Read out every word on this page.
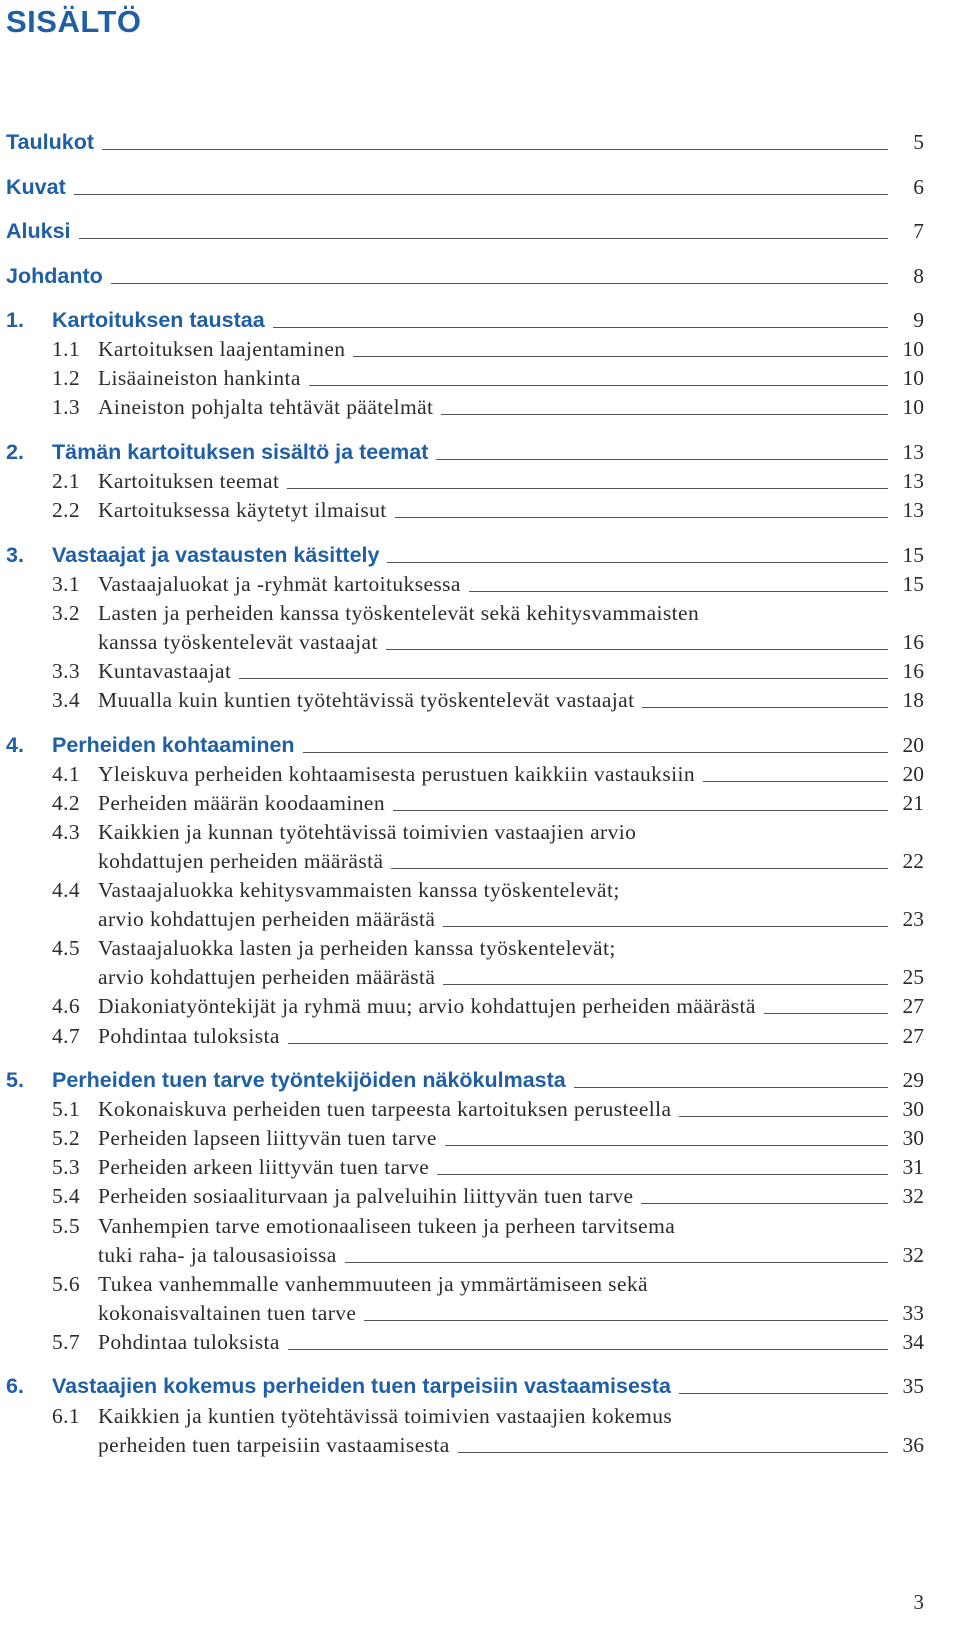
SISÄLTÖ
Taulukot	5
Kuvat	6
Aluksi	7
Johdanto	8
1. Kartoituksen taustaa	9
1.1 Kartoituksen laajentaminen	10
1.2 Lisäaineiston hankinta	10
1.3 Aineiston pohjalta tehtävät päätelmät	10
2. Tämän kartoituksen sisältö ja teemat	13
2.1 Kartoituksen teemat	13
2.2 Kartoituksessa käytetyt ilmaisut	13
3. Vastaajat ja vastausten käsittely	15
3.1 Vastaajaluokat ja -ryhmät kartoituksessa	15
3.2 Lasten ja perheiden kanssa työskentelevät sekä kehitysvammaisten
kanssa työskentelevät vastaajat	16
3.3 Kuntavastaajat	16
3.4 Muualla kuin kuntien työtehtävissä työskentelevät vastaajat	18
4. Perheiden kohtaaminen	20
4.1 Yleiskuva perheiden kohtaamisesta perustuen kaikkiin vastauksiin	20
4.2 Perheiden määrän koodaaminen	21
4.3 Kaikkien ja kunnan työtehtävissä toimivien vastaajien arvio
kohdattujen perheiden määrästä	22
4.4 Vastaajaluokka kehitysvammaisten kanssa työskentelevät;
arvio kohdattujen perheiden määrästä	23
4.5 Vastaajaluokka lasten ja perheiden kanssa työskentelevät;
arvio kohdattujen perheiden määrästä	25
4.6 Diakoniatyöntekijät ja ryhmä muu; arvio kohdattujen perheiden määrästä	27
4.7 Pohdintaa tuloksista	27
5. Perheiden tuen tarve työntekijöiden näkökulmasta	29
5.1 Kokonaiskuva perheiden tuen tarpeesta kartoituksen perusteella	30
5.2 Perheiden lapseen liittyvän tuen tarve	30
5.3 Perheiden arkeen liittyvän tuen tarve	31
5.4 Perheiden sosiaaliturvaan ja palveluihin liittyvän tuen tarve	32
5.5 Vanhempien tarve emotionaaliseen tukeen ja perheen tarvitsema
tuki raha- ja talousasioissa	32
5.6 Tukea vanhemmalle vanhemmuuteen ja ymmärtämiseen sekä
kokonaisvaltainen tuen tarve	33
5.7 Pohdintaa tuloksista	34
6. Vastaajien kokemus perheiden tuen tarpeisiin vastaamisesta	35
6.1 Kaikkien ja kuntien työtehtävissä toimivien vastaajien kokemus
perheiden tuen tarpeisiin vastaamisesta	36
3
